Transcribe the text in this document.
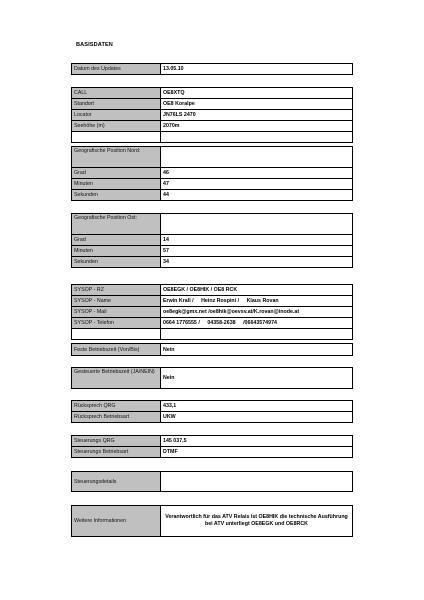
BASISDATEN
Datum des Updates	13.05.10
CALL	OE8XTQ
Standort	OE8 Koralpe
Locator	JN76LS 2470
Seehöhe (m)	2070m

Geografische Position Nord:	
Grad	46
Minuten	47
Sekunden	44
Geografische Position Ost:	
Grad	14
Minuten	57
Sekunden	34
SYSOP - RZ	OE8EGK / OE8HIK / OE8 RCK
SYSOP - Name	Erwin Krall / Heinz Rospini / Klaus Rovan
SYSOP - Mail	oe8egk@gmx.net /oe8hik@oevsv.at/K.rovan@inode.at
SYSOP - Telefon	0664 1776555 / 04358-2638 /06643574974

Feste Betriebszeit (Von/Bis)	Nein
Gesteuerte Betriebszeit (JA/NEIN)	Nein
Rücksprech QRG	433,1
Rücksprech Betriebsart	UKW
Steuerungs QRG	145 037,5
Steuerungs Betriebsart	DTMF
Steuerungsdetails	
Weitere Informationen	Verantwortlich für das ATV Relais ist OE8HIK die technische Ausführung bei ATV unterliegt OE8EGK und OE8RCK
